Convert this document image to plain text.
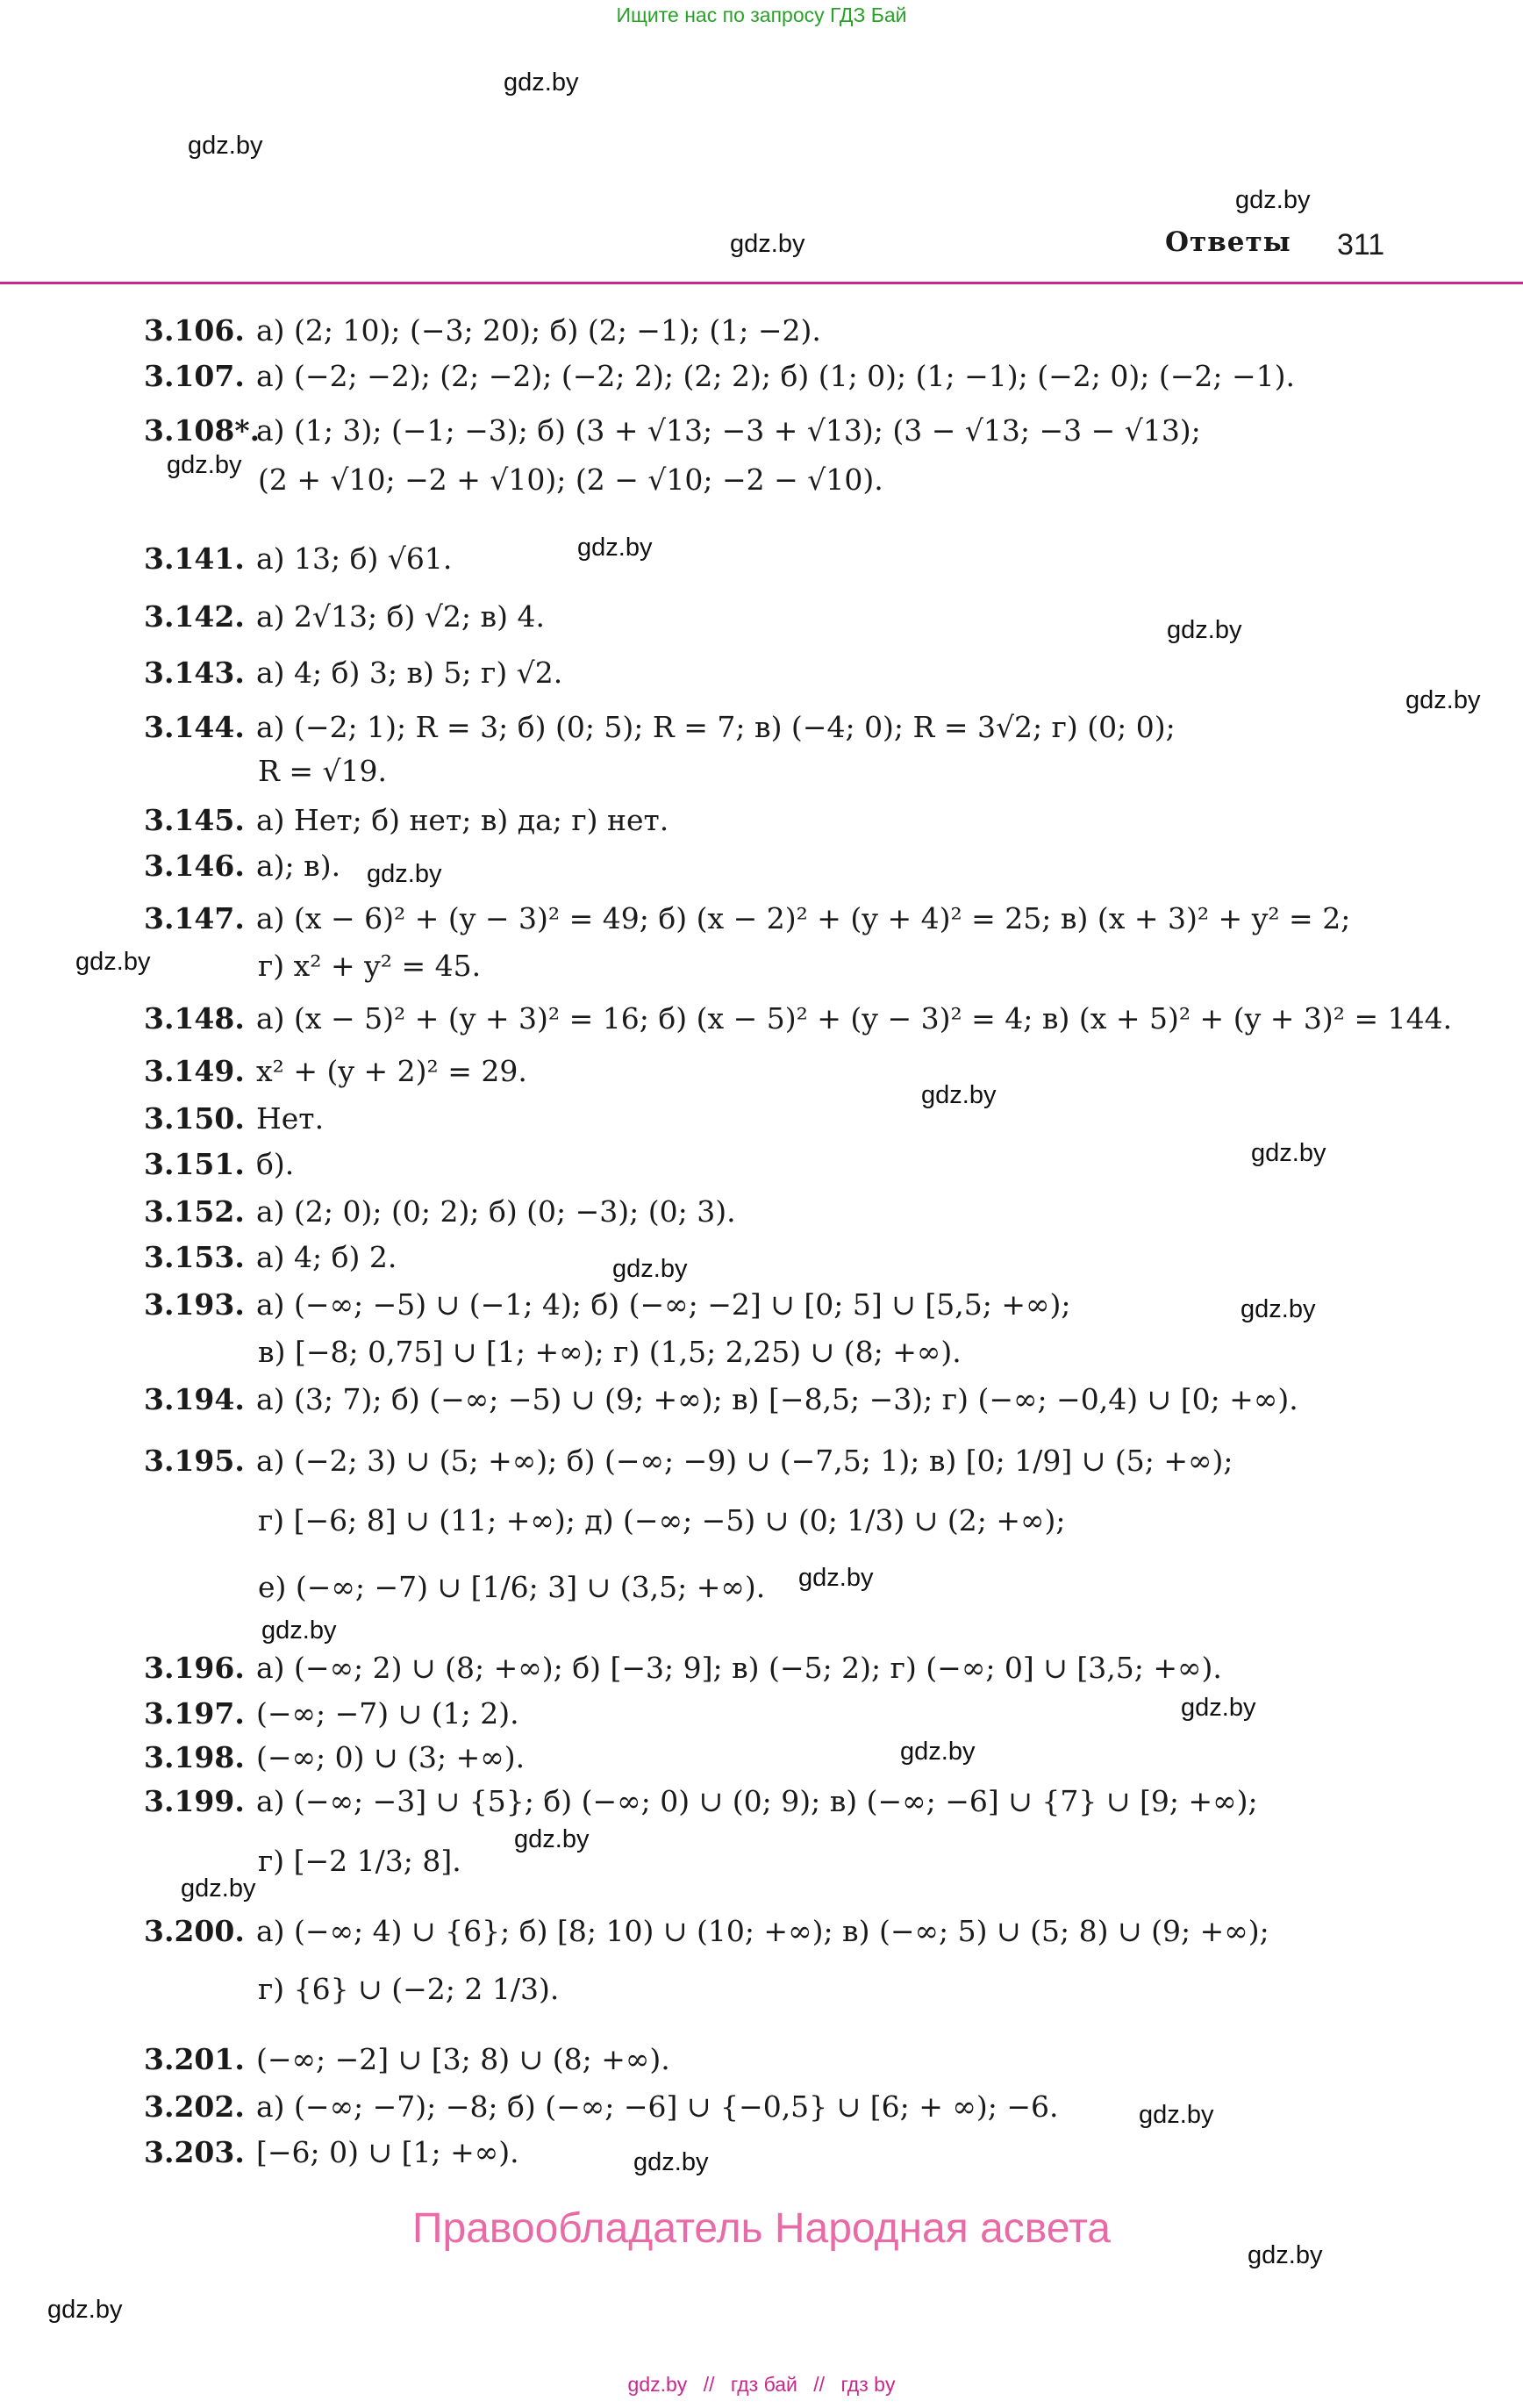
Ищите нас по запросу ГДЗ Бай
gdz.by
gdz.by
gdz.by
gdz.by	Ответы 311
3.106. а) (2; 10); (−3; 20); б) (2; −1); (1; −2).
3.107. а) (−2; −2); (2; −2); (−2; 2); (2; 2); б) (1; 0); (1; −1); (−2; 0); (−2; −1).
3.108*.а) (1; 3); (−1; −3); б) (3 + √13; −3 + √13); (3 − √13; −3 − √13);
(2 + √10; −2 + √10); (2 − √10; −2 − √10).
3.141. а) 13; б) √61.
3.142. а) 2√13; б) √2; в) 4.
3.143. а) 4; б) 3; в) 5; г) √2.
3.144. а) (−2; 1); R = 3; б) (0; 5); R = 7; в) (−4; 0); R = 3√2; г) (0; 0);
R = √19.
3.145. а) Нет; б) нет; в) да; г) нет.
3.146. а); в).
3.147. а) (x − 6)² + (y − 3)² = 49; б) (x − 2)² + (y + 4)² = 25; в) (x + 3)² + y² = 2;
г) x² + y² = 45.
3.148. а) (x − 5)² + (y + 3)² = 16; б) (x − 5)² + (y − 3)² = 4; в) (x + 5)² + (y + 3)² = 144.
3.149. x² + (y + 2)² = 29.
3.150. Нет.
3.151. б).
3.152. а) (2; 0); (0; 2); б) (0; −3); (0; 3).
3.153. а) 4; б) 2.
3.193. а) (−∞; −5) ∪ (−1; 4); б) (−∞; −2] ∪ [0; 5] ∪ [5,5; +∞);
в) [−8; 0,75] ∪ [1; +∞); г) (1,5; 2,25) ∪ (8; +∞).
3.194. а) (3; 7); б) (−∞; −5) ∪ (9; +∞); в) [−8,5; −3); г) (−∞; −0,4) ∪ [0; +∞).
3.195. а) (−2; 3) ∪ (5; +∞); б) (−∞; −9) ∪ (−7,5; 1); в) [0; 1/9] ∪ (5; +∞);
г) [−6; 8] ∪ (11; +∞); д) (−∞; −5) ∪ (0; 1/3) ∪ (2; +∞);
е) (−∞; −7) ∪ [1/6; 3] ∪ (3,5; +∞).
3.196. а) (−∞; 2) ∪ (8; +∞); б) [−3; 9]; в) (−5; 2); г) (−∞; 0] ∪ [3,5; +∞).
3.197. (−∞; −7) ∪ (1; 2).
3.198. (−∞; 0) ∪ (3; +∞).
3.199. а) (−∞; −3] ∪ {5}; б) (−∞; 0) ∪ (0; 9); в) (−∞; −6] ∪ {7} ∪ [9; +∞);
г) [−2 1/3; 8].
3.200. а) (−∞; 4) ∪ {6}; б) [8; 10) ∪ (10; +∞); в) (−∞; 5) ∪ (5; 8) ∪ (9; +∞);
г) {6} ∪ (−2; 2 1/3).
3.201. (−∞; −2] ∪ [3; 8) ∪ (8; +∞).
3.202. а) (−∞; −7); −8; б) (−∞; −6] ∪ {−0,5} ∪ [6; + ∞); −6.
3.203. [−6; 0) ∪ [1; +∞).
gdz.by
gdz.by
gdz.by
gdz.by
gdz.by
gdz.by
gdz.by
gdz.by
gdz.by
gdz.by
gdz.by
gdz.by
gdz.by
gdz.by
gdz.by
gdz.by
gdz.by
gdz.by
gdz.by
gdz.by
Правообладатель Народная асвета
gdz.by // гдз бай // гдз by
